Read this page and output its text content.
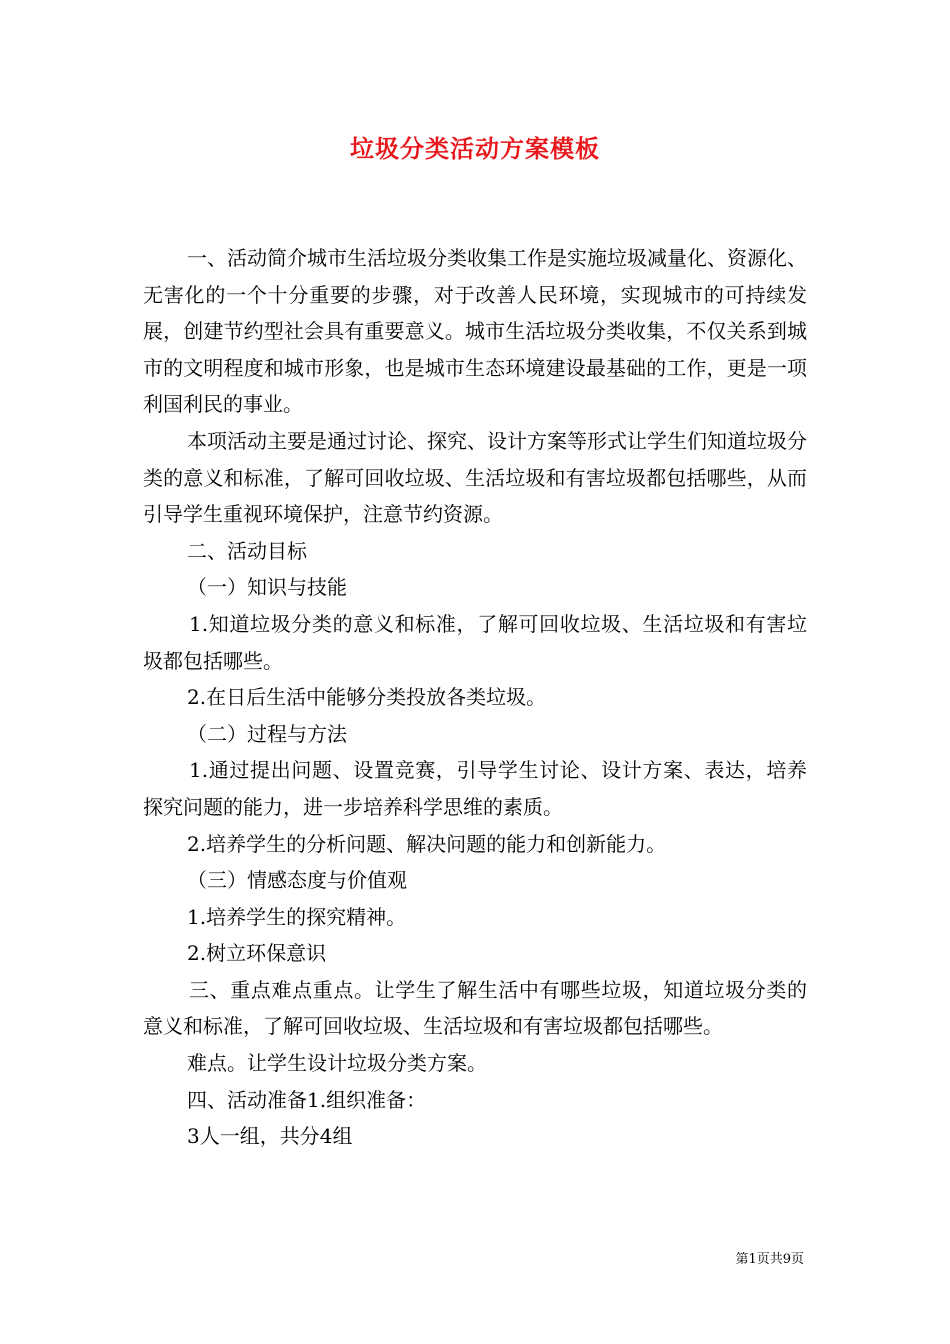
垃圾分类活动方案模板

一、活动简介城市生活垃圾分类收集工作是实施垃圾减量化、资源化、无害化的一个十分重要的步骤，对于改善人民环境，实现城市的可持续发展，创建节约型社会具有重要意义。城市生活垃圾分类收集，不仅关系到城市的文明程度和城市形象，也是城市生态环境建设最基础的工作，更是一项利国利民的事业。

本项活动主要是通过讨论、探究、设计方案等形式让学生们知道垃圾分类的意义和标准，了解可回收垃圾、生活垃圾和有害垃圾都包括哪些，从而引导学生重视环境保护，注意节约资源。

二、活动目标

（一）知识与技能

1.知道垃圾分类的意义和标准，了解可回收垃圾、生活垃圾和有害垃圾都包括哪些。

2.在日后生活中能够分类投放各类垃圾。

（二）过程与方法

1.通过提出问题、设置竞赛，引导学生讨论、设计方案、表达，培养探究问题的能力，进一步培养科学思维的素质。

2.培养学生的分析问题、解决问题的能力和创新能力。

（三）情感态度与价值观

1.培养学生的探究精神。

2.树立环保意识

三、重点难点重点。让学生了解生活中有哪些垃圾，知道垃圾分类的意义和标准，了解可回收垃圾、生活垃圾和有害垃圾都包括哪些。

难点。让学生设计垃圾分类方案。

四、活动准备1.组织准备：

3人一组，共分4组

第1页共9页
